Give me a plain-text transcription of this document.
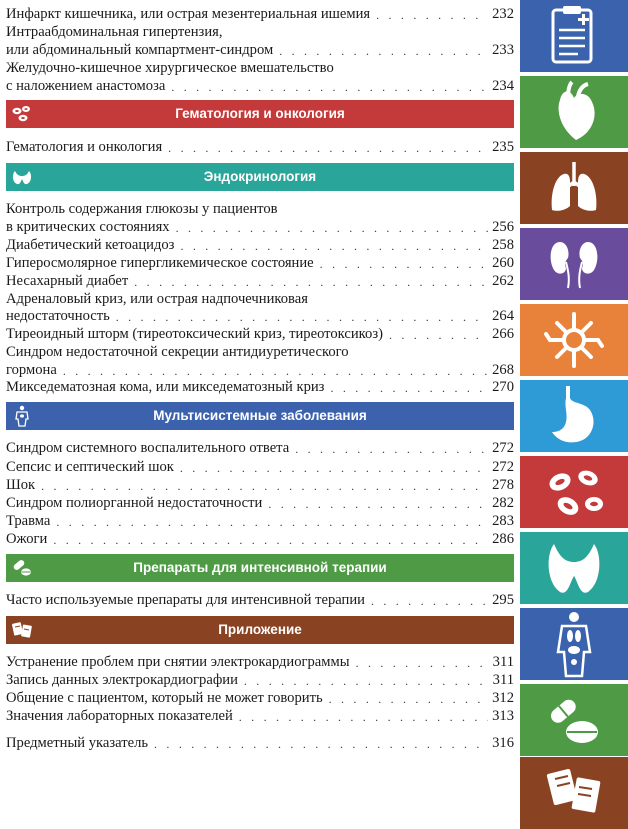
Инфаркт кишечника, или острая мезентериальная ишемия . . .	232
Интраабдоминальная гипертензия,
или абдоминальный компартмент-синдром . . .	233
Желудочно-кишечное хирургическое вмешательство
с наложением анастомоза . . .	234
Гематология и онкология . . .	235
Контроль содержания глюкозы у пациентов
в критических состояниях . . .	256
Диабетический кетоацидоз . . .	258
Гиперосмолярное гипергликемическое состояние . . .	260
Несахарный диабет . . .	262
Адреналовый криз, или острая надпочечниковая
недостаточность . . .	264
Тиреоидный шторм (тиреотоксический криз, тиреотоксикоз) . . .	266
Синдром недостаточной секреции антидиуретического
гормона . . .	268
Микседематозная кома, или микседематозный криз . . .	270
Синдром системного воспалительного ответа . . .	272
Сепсис и септический шок . . .	272
Шок . . .	278
Синдром полиорганной недостаточности . . .	282
Травма . . .	283
Ожоги . . .	286
Часто используемые препараты для интенсивной терапии . . .	295
Устранение проблем при снятии электрокардиограммы . . .	311
Запись данных электрокардиографии . . .	311
Общение с пациентом, который не может говорить . . .	312
Значения лабораторных показателей . . .	313
Предметный указатель . . .	316
Гематология и онкология
Эндокринология
Мультисистемные заболевания
Препараты для интенсивной терапии
Приложение
